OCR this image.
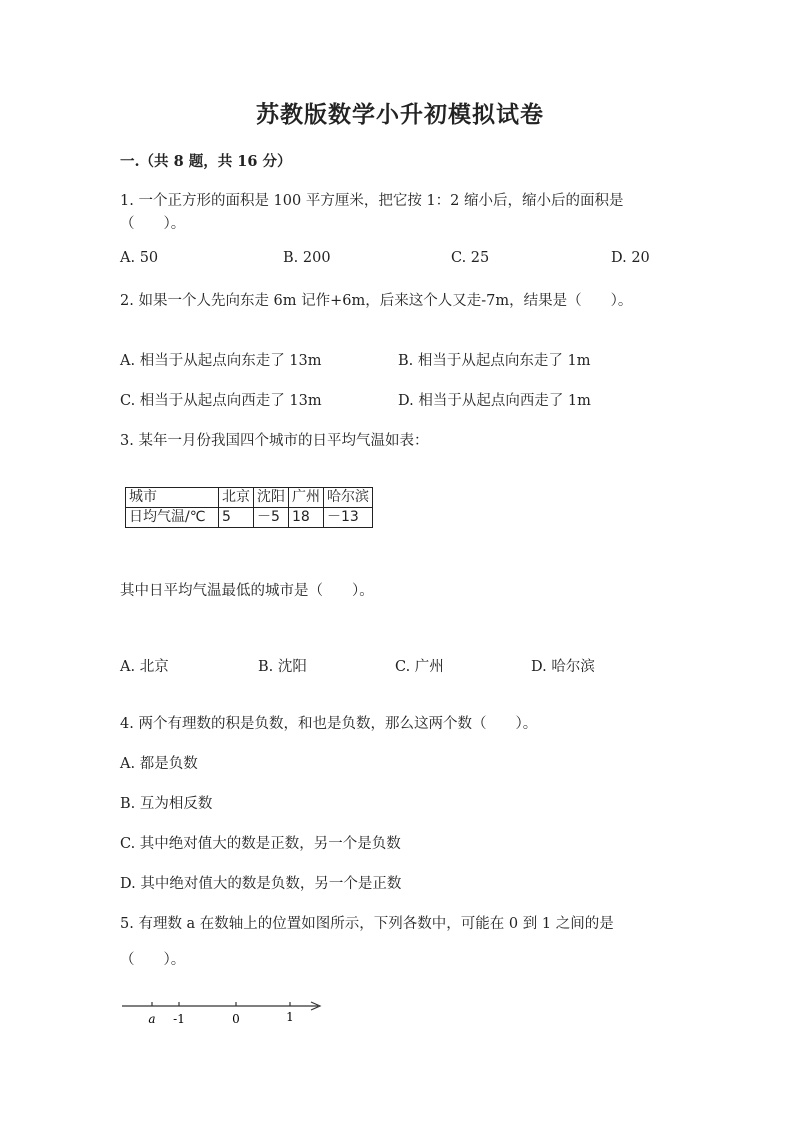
苏教版数学小升初模拟试卷
一.（共 8 题，共 16 分）
1. 一个正方形的面积是 100 平方厘米，把它按 1：2 缩小后，缩小后的面积是
（　　）。
A. 50	B. 200	C. 25	D. 20
2. 如果一个人先向东走 6m 记作+6m，后来这个人又走-7m，结果是（　　）。
A. 相当于从起点向东走了 13m	B. 相当于从起点向东走了 1m
C. 相当于从起点向西走了 13m	D. 相当于从起点向西走了 1m
3. 某年一月份我国四个城市的日平均气温如表：
城市	北京	沈阳	广州	哈尔滨
日均气温/℃	5	－5	18	－13
其中日平均气温最低的城市是（　　）。
A. 北京	B. 沈阳	C. 广州	D. 哈尔滨
4. 两个有理数的积是负数，和也是负数，那么这两个数（　　）。
A. 都是负数
B. 互为相反数
C. 其中绝对值大的数是正数，另一个是负数
D. 其中绝对值大的数是负数，另一个是正数
5. 有理数 a 在数轴上的位置如图所示，下列各数中，可能在 0 到 1 之间的是
（　　）。
a -1	0	1
